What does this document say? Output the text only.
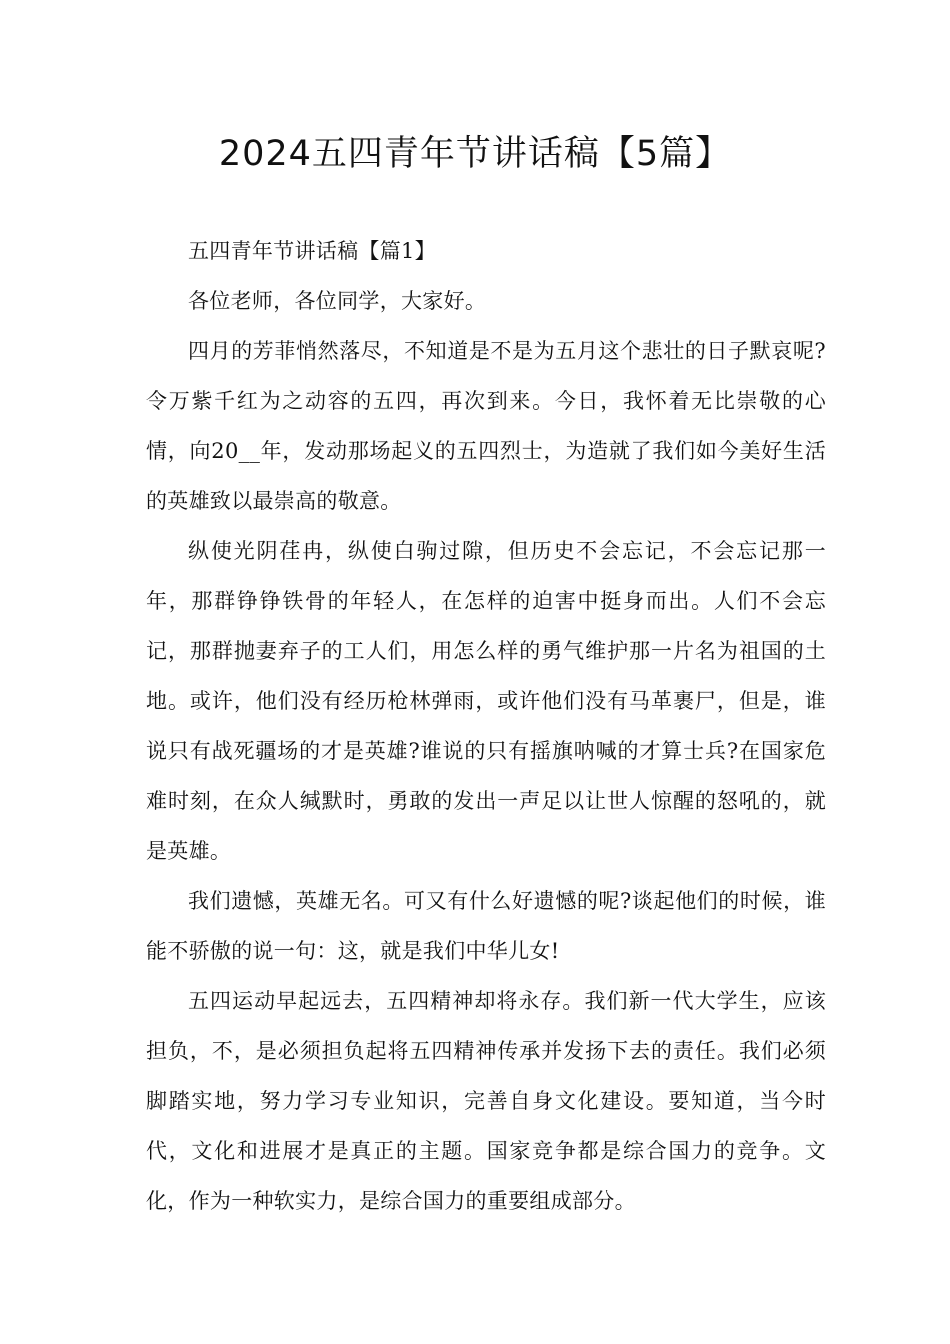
2024五四青年节讲话稿【5篇】

五四青年节讲话稿【篇1】

各位老师，各位同学，大家好。

四月的芳菲悄然落尽，不知道是不是为五月这个悲壮的日子默哀呢?令万紫千红为之动容的五四，再次到来。今日，我怀着无比崇敬的心情，向20__年，发动那场起义的五四烈士，为造就了我们如今美好生活的英雄致以最崇高的敬意。

纵使光阴荏冉，纵使白驹过隙，但历史不会忘记，不会忘记那一年，那群铮铮铁骨的年轻人，在怎样的迫害中挺身而出。人们不会忘记，那群抛妻弃子的工人们，用怎么样的勇气维护那一片名为祖国的土地。或许，他们没有经历枪林弹雨，或许他们没有马革裹尸，但是，谁说只有战死疆场的才是英雄?谁说的只有摇旗呐喊的才算士兵?在国家危难时刻，在众人缄默时，勇敢的发出一声足以让世人惊醒的怒吼的，就是英雄。

我们遗憾，英雄无名。可又有什么好遗憾的呢?谈起他们的时候，谁能不骄傲的说一句：这，就是我们中华儿女!

五四运动早起远去，五四精神却将永存。我们新一代大学生，应该担负，不，是必须担负起将五四精神传承并发扬下去的责任。我们必须脚踏实地，努力学习专业知识，完善自身文化建设。要知道，当今时代，文化和进展才是真正的主题。国家竞争都是综合国力的竞争。文化，作为一种软实力，是综合国力的重要组成部分。
